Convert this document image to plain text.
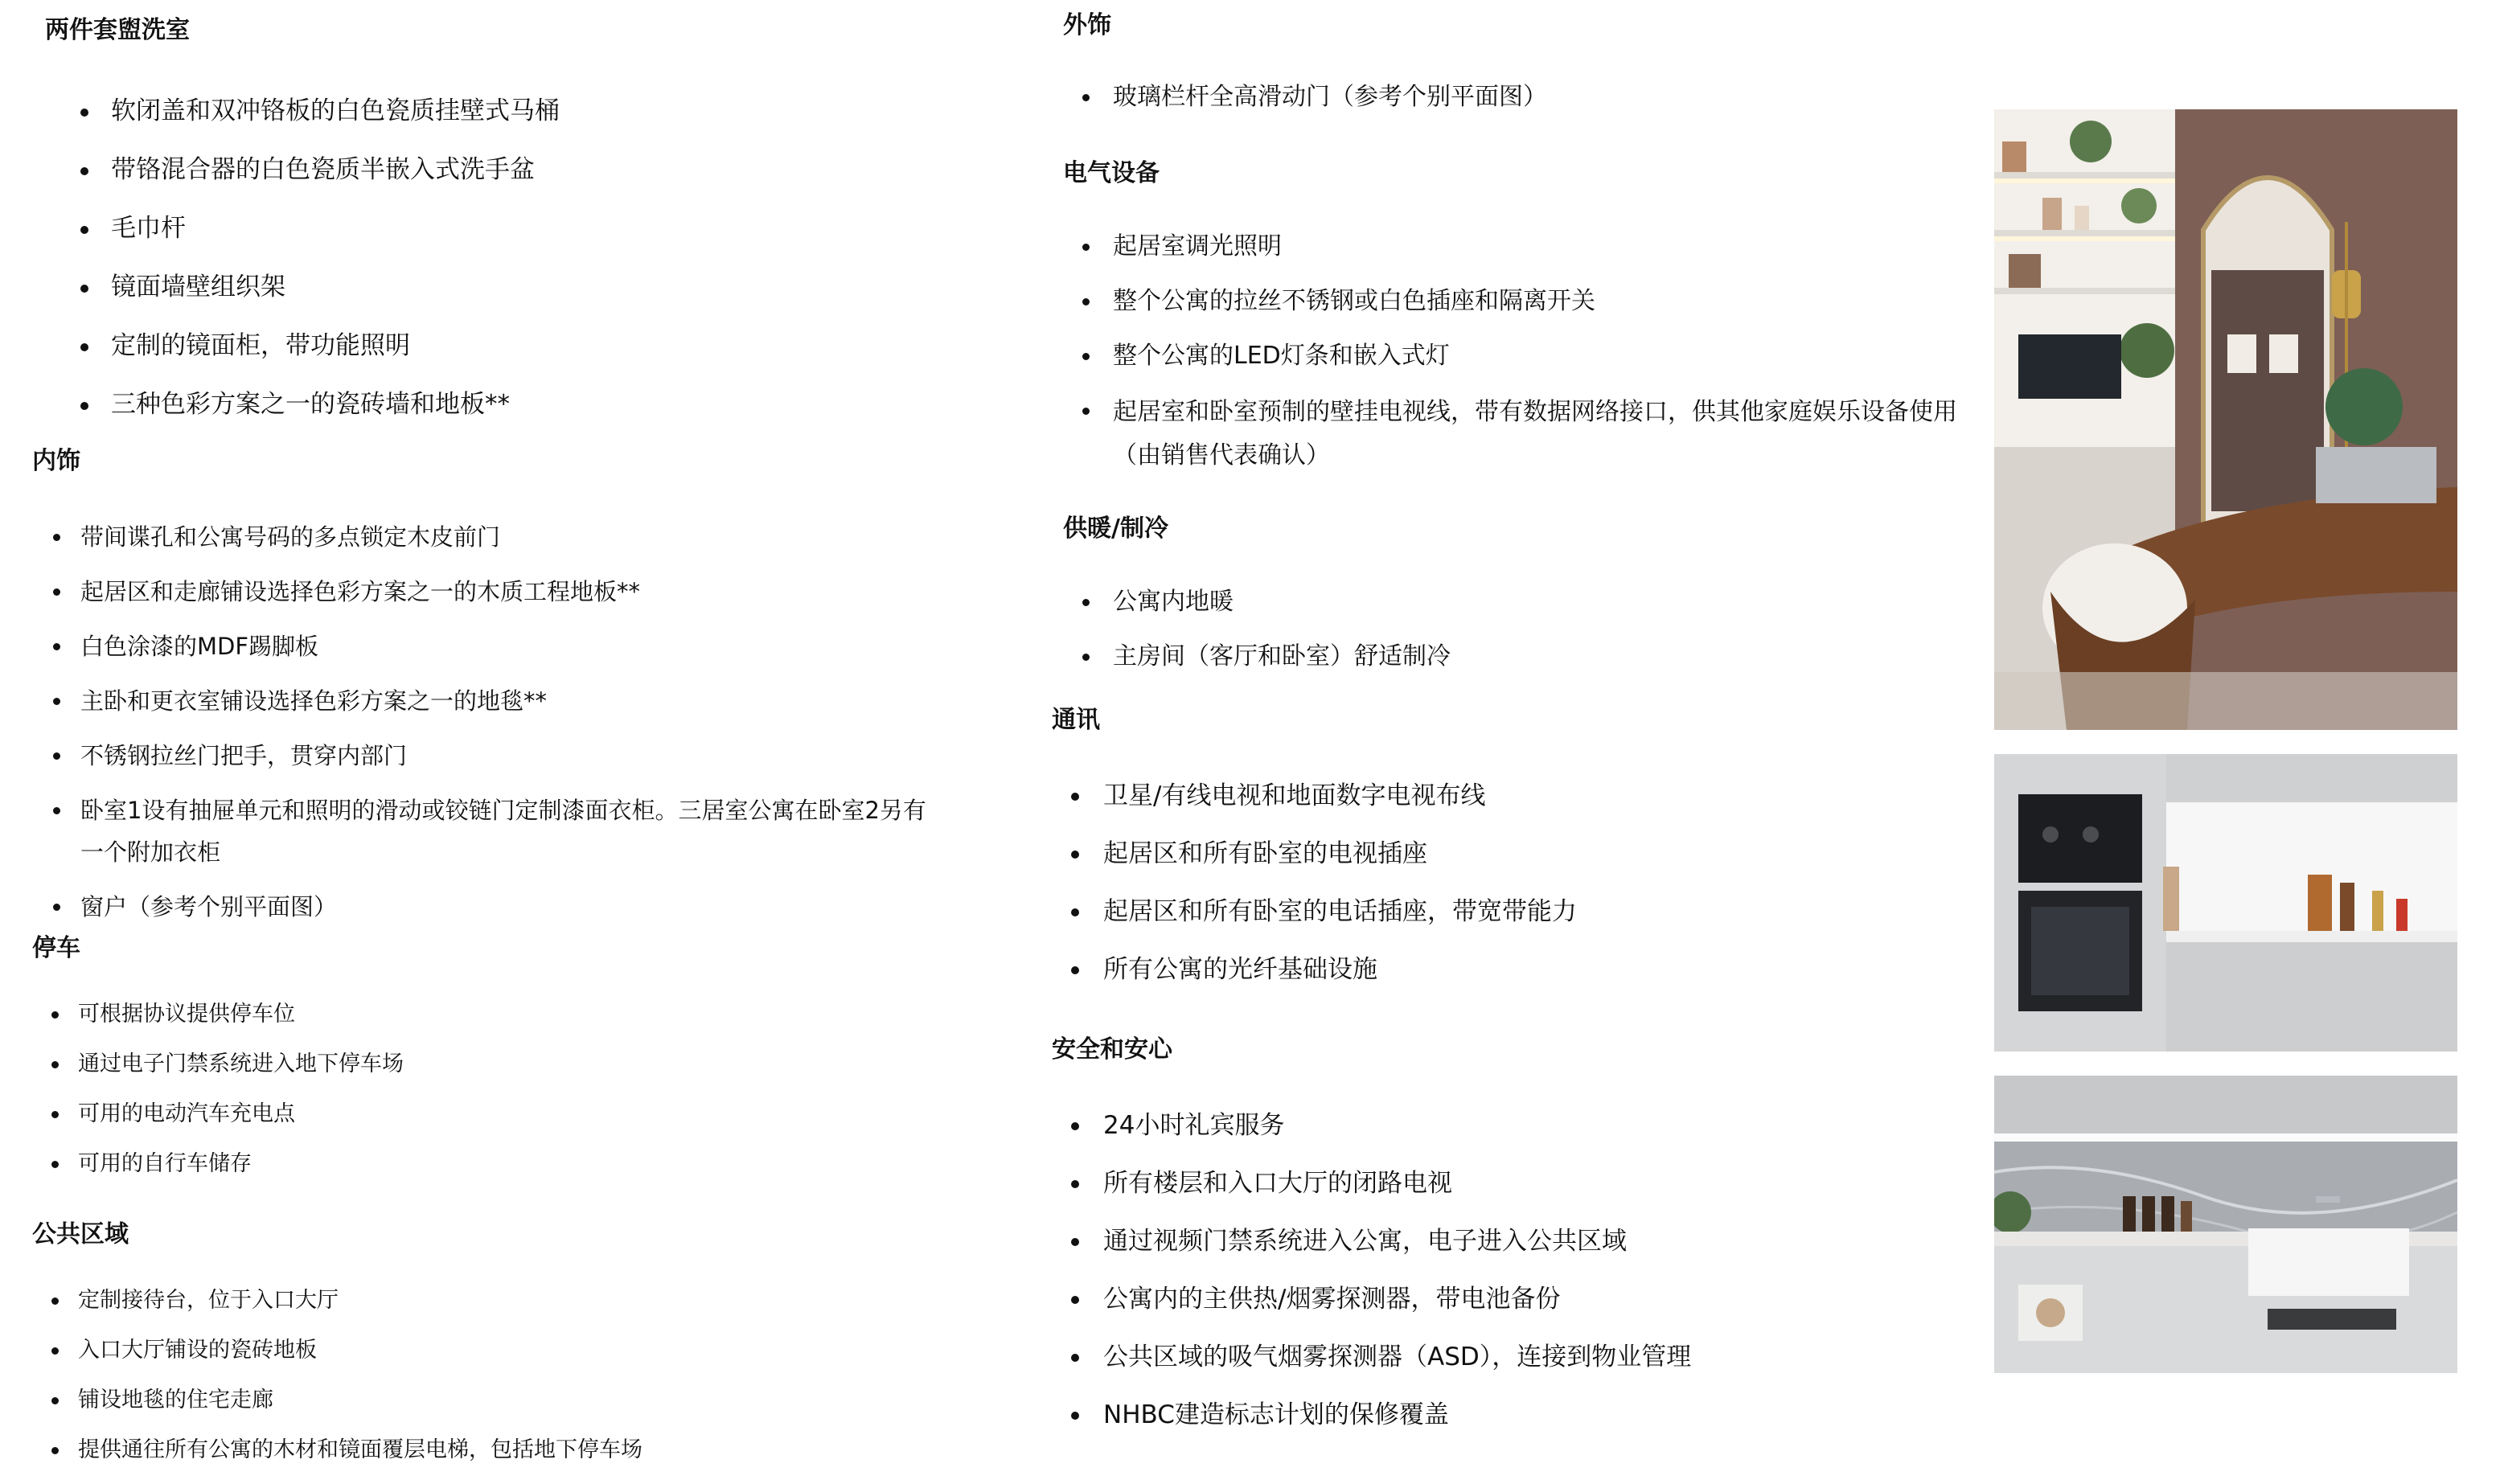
两件套盥洗室
软闭盖和双冲铬板的白色瓷质挂壁式马桶
带铬混合器的白色瓷质半嵌入式洗手盆
毛巾杆
镜面墙壁组织架
定制的镜面柜，带功能照明
三种色彩方案之一的瓷砖墙和地板**
内饰
带间谍孔和公寓号码的多点锁定木皮前门
起居区和走廊铺设选择色彩方案之一的木质工程地板**
白色涂漆的MDF踢脚板
主卧和更衣室铺设选择色彩方案之一的地毯**
不锈钢拉丝门把手，贯穿内部门
卧室1设有抽屉单元和照明的滑动或铰链门定制漆面衣柜。三居室公寓在卧室2另有一个附加衣柜
窗户（参考个别平面图）
停车
可根据协议提供停车位
通过电子门禁系统进入地下停车场
可用的电动汽车充电点
可用的自行车储存
公共区域
定制接待台，位于入口大厅
入口大厅铺设的瓷砖地板
铺设地毯的住宅走廊
提供通往所有公寓的木材和镜面覆层电梯，包括地下停车场
外饰
玻璃栏杆全高滑动门（参考个别平面图）
电气设备
起居室调光照明
整个公寓的拉丝不锈钢或白色插座和隔离开关
整个公寓的LED灯条和嵌入式灯
起居室和卧室预制的壁挂电视线，带有数据网络接口，供其他家庭娱乐设备使用（由销售代表确认）
供暖/制冷
公寓内地暖
主房间（客厅和卧室）舒适制冷
通讯
卫星/有线电视和地面数字电视布线
起居区和所有卧室的电视插座
起居区和所有卧室的电话插座，带宽带能力
所有公寓的光纤基础设施
安全和安心
24小时礼宾服务
所有楼层和入口大厅的闭路电视
通过视频门禁系统进入公寓，电子进入公共区域
公寓内的主供热/烟雾探测器，带电池备份
公共区域的吸气烟雾探测器（ASD），连接到物业管理
NHBC建造标志计划的保修覆盖
